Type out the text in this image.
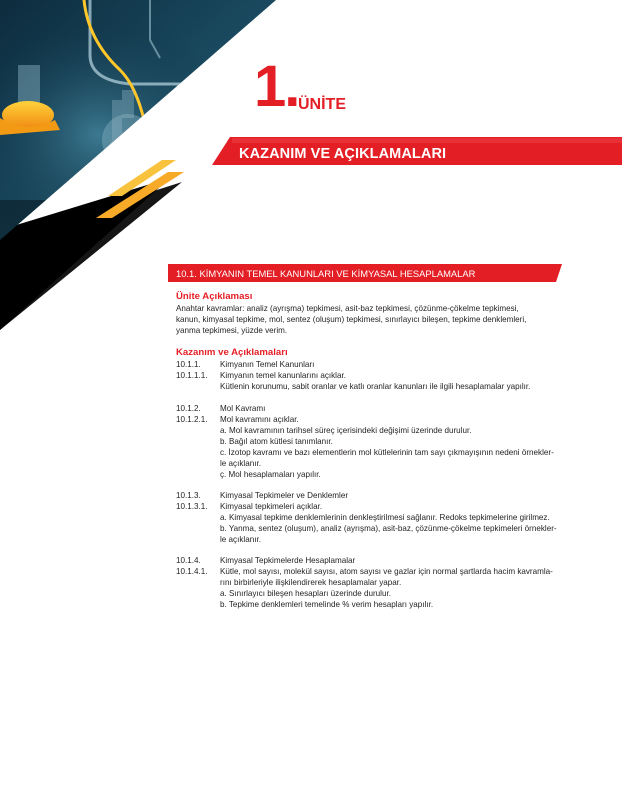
1. ÜNİTE
KAZANIM VE AÇIKLAMALARI
10.1. KİMYANIN TEMEL KANUNLARI VE KİMYASAL HESAPLAMALAR
Ünite Açıklaması
Anahtar kavramlar: analiz (ayrışma) tepkimesi, asit-baz tepkimesi, çözünme-çökelme tepkimesi,
kanun, kimyasal tepkime, mol, sentez (oluşum) tepkimesi, sınırlayıcı bileşen, tepkime denklemleri,
yanma tepkimesi, yüzde verim.
Kazanım ve Açıklamaları
10.1.1. Kimyanın Temel Kanunları
10.1.1.1. Kimyanın temel kanunlarını açıklar.
Kütlenin korunumu, sabit oranlar ve katlı oranlar kanunları ile ilgili hesaplamalar yapılır.
10.1.2. Mol Kavramı
10.1.2.1. Mol kavramını açıklar.
a. Mol kavramının tarihsel süreç içerisindeki değişimi üzerinde durulur.
b. Bağıl atom kütlesi tanımlanır.
c. İzotop kavramı ve bazı elementlerin mol kütlelerinin tam sayı çıkmayışının nedeni örnekler-
le açıklanır.
ç. Mol hesaplamaları yapılır.
10.1.3. Kimyasal Tepkimeler ve Denklemler
10.1.3.1. Kimyasal tepkimeleri açıklar.
a. Kimyasal tepkime denklemlerinin denkleştirilmesi sağlanır. Redoks tepkimelerine girilmez.
b. Yanma, sentez (oluşum), analiz (ayrışma), asit-baz, çözünme-çökelme tepkimeleri örnekler-
le açıklanır.
10.1.4. Kimyasal Tepkimelerde Hesaplamalar
10.1.4.1. Kütle, mol sayısı, molekül sayısı, atom sayısı ve gazlar için normal şartlarda hacim kavramla-
rını birbirleriyle ilişkilendirerek hesaplamalar yapar.
a. Sınırlayıcı bileşen hesapları üzerinde durulur.
b. Tepkime denklemleri temelinde % verim hesapları yapılır.
